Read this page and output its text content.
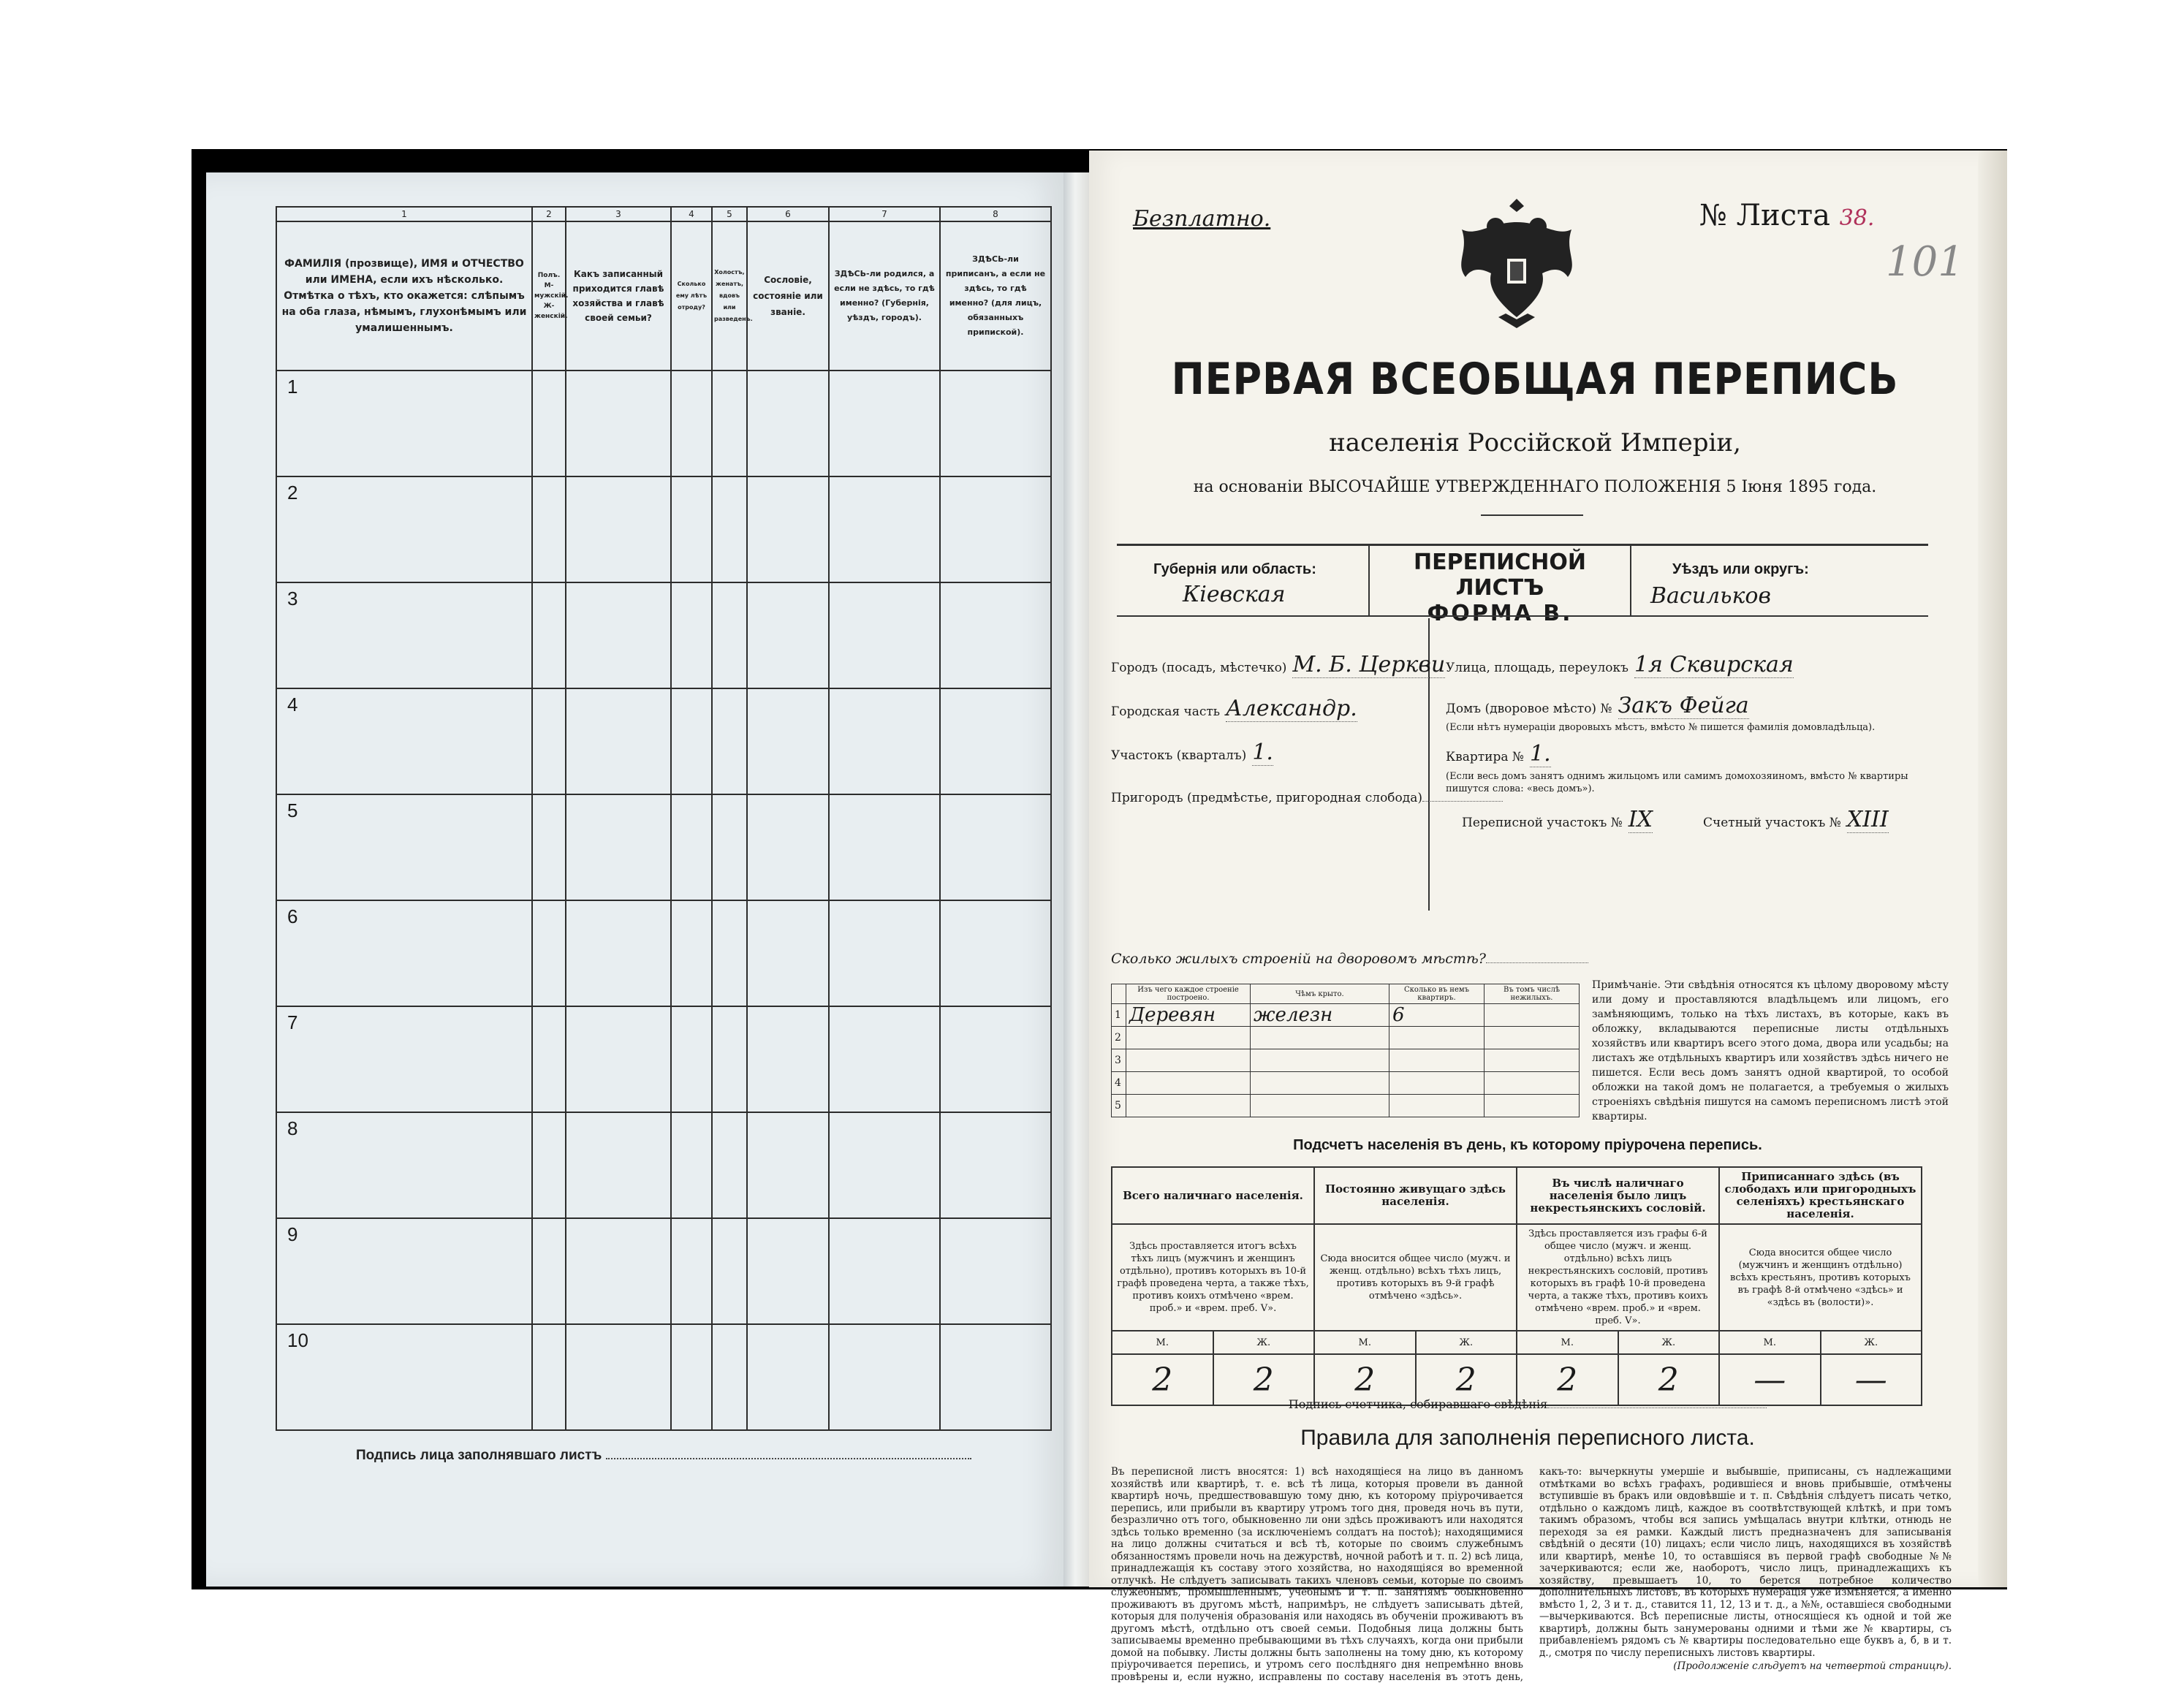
1	2	3	4	5	6	7	8
ФАМИЛІЯ (прозвище), ИМЯ и ОТЧЕСТВО или ИМЕНА, если ихъ нѣсколько. Отмѣтка о тѣхъ, кто окажется: слѣпымъ на оба глаза, нѣмымъ, глухонѣмымъ или умалишеннымъ.	Полъ. М-мужскій. Ж-женскій.	Какъ записанный приходится главѣ хозяйства и главѣ своей семьи?	Сколько ему лѣтъ отроду?	Холостъ, женатъ, вдовъ или разведенъ.	Сословіе, состояніе или званіе.	ЗДѢСЬ-ли родился, а если не здѣсь, то гдѣ именно? (Губернія, уѣздъ, городъ).	ЗДѢСЬ-ли приписанъ, а если не здѣсь, то гдѣ именно? (для лицъ, обязанныхъ припиской).
1							
2							
3							
4							
5							
6							
7							
8							
9							
10							
Подпись лица заполнявшаго листъ
Безплатно.	№ Листа 38.
101
ПЕРВАЯ ВСЕОБЩАЯ ПЕРЕПИСЬ
населенія Россійской Имперіи,
на основаніи ВЫСОЧАЙШЕ УТВЕРЖДЕННАГО ПОЛОЖЕНІЯ 5 Іюня 1895 года.
Губернія или область:
Кіевская
ПЕРЕПИСНОЙ ЛИСТЪ
ФОРМА В.
Уѣздъ или округъ:
Васильков
Городъ (посадъ, мѣстечко) М. Б. Церкви
Городская часть Александр.
Участокъ (кварталъ) 1.
Пригородъ (предмѣстье, пригородная слобода)
Улица, площадь, переулокъ 1я Сквирская
Домъ (дворовое мѣсто) № Закъ Фейга
(Если нѣтъ нумераціи дворовыхъ мѣстъ, вмѣсто № пишется фамилія домовладѣльца).
Квартира № 1.
(Если весь домъ занятъ однимъ жильцомъ или самимъ домохозяиномъ, вмѣсто № квартиры пишутся слова: «весь домъ»).
Переписной участокъ № IX	Счетный участокъ № XIII
Сколько жилыхъ строеній на дворовомъ мѣстѣ?
	Изъ чего каждое строеніе построено.	Чѣмъ крыто.	Сколько въ немъ квартиръ.	Въ томъ числѣ нежилыхъ.
1	Деревян	железн	6	
2				
3				
4				
5				
Примѣчаніе. Эти свѣдѣнія относятся къ цѣлому дворовому мѣсту или дому и проставляются владѣльцемъ или лицомъ, его замѣняющимъ, только на тѣхъ листахъ, въ которые, какъ въ обложку, вкладываются переписные листы отдѣльныхъ хозяйствъ или квартиръ всего этого дома, двора или усадьбы; на листахъ же отдѣльныхъ квартиръ или хозяйствъ здѣсь ничего не пишется. Если весь домъ занятъ одной квартирой, то особой обложки на такой домъ не полагается, а требуемыя о жилыхъ строеніяхъ свѣдѣнія пишутся на самомъ переписномъ листѣ этой квартиры.
Подсчетъ населенія въ день, къ которому пріурочена перепись.
Всего наличнаго населенія.		Постоянно живущаго здѣсь населенія.		Въ числѣ наличнаго населенія было лицъ некрестьянскихъ сословій.		Приписаннаго здѣсь (въ слободахъ или пригородныхъ селеніяхъ) крестьянскаго населенія.	
Здѣсь проставляется итогъ всѣхъ тѣхъ лицъ (мужчинъ и женщинъ отдѣльно), противъ которыхъ въ 10-й графѣ проведена черта, а также тѣхъ, противъ коихъ отмѣчено «врем. проб.» и «врем. преб. V».		Сюда вносится общее число (мужч. и женщ. отдѣльно) всѣхъ тѣхъ лицъ, противъ которыхъ въ 9-й графѣ отмѣчено «здѣсь».		Здѣсь проставляется изъ графы 6-й общее число (мужч. и женщ. отдѣльно) всѣхъ лицъ некрестьянскихъ сословій, противъ которыхъ въ графѣ 10-й проведена черта, а также тѣхъ, противъ коихъ отмѣчено «врем. проб.» и «врем. преб. V».		Сюда вносится общее число (мужчинъ и женщинъ отдѣльно) всѣхъ крестьянъ, противъ которыхъ въ графѣ 8-й отмѣчено «здѣсь» и «здѣсь въ (волости)».	
М.	Ж.	М.	Ж.	М.	Ж.	М.	Ж.
2	2	2	2	2	2	—	—
Подпись счетчика, собиравшаго свѣдѣнія
Правила для заполненія переписного листа.
Въ переписной листъ вносятся: 1) всѣ находящіеся на лицо въ данномъ хозяйствѣ или квартирѣ, т. е. всѣ тѣ лица, которыя провели въ данной квартирѣ ночь, предшествовавшую тому дню, къ которому пріурочивается перепись, или прибыли въ квартиру утромъ того дня, проведя ночь въ пути, безразлично отъ того, обыкновенно ли они здѣсь проживаютъ или находятся здѣсь только временно (за исключеніемъ солдатъ на постоѣ); находящимися на лицо должны считаться и всѣ тѣ, которые по своимъ служебнымъ обязанностямъ провели ночь на дежурствѣ, ночной работѣ и т. п. 2) всѣ лица, принадлежащія къ составу этого хозяйства, но находящіяся во временной отлучкѣ. Не слѣдуетъ записывать такихъ членовъ семьи, которые по своимъ служебнымъ, промышленнымъ, учебнымъ и т. п. занятіямъ обыкновенно проживаютъ въ другомъ мѣстѣ, напримѣръ, не слѣдуетъ записывать дѣтей, которыя для полученія образованія или находясь въ обученіи проживаютъ въ другомъ мѣстѣ, отдѣльно отъ своей семьи. Подобныя лица должны быть записываемы временно пребывающими въ тѣхъ случаяхъ, когда они прибыли домой на побывку. Листы должны быть заполнены на тому дню, къ которому пріурочивается перепись, и утромъ сего послѣдняго дня непремѣнно вновь провѣрены и, если нужно, исправлены по составу населенія въ этотъ день, какъ-то: вычеркнуты умершіе и выбывшіе, приписаны, съ надлежащими отмѣтками во всѣхъ графахъ, родившіеся и вновь прибывшіе, отмѣчены вступившіе въ бракъ или овдовѣвшіе и т. п. Свѣдѣнія слѣдуетъ писать четко, отдѣльно о каждомъ лицѣ, каждое въ соотвѣтствующей клѣткѣ, и при томъ такимъ образомъ, чтобы вся запись умѣщалась внутри клѣтки, отнюдь не переходя за ея рамки. Каждый листъ предназначенъ для записыванія свѣдѣній о десяти (10) лицахъ; если число лицъ, находящихся въ хозяйствѣ или квартирѣ, менѣе 10, то оставшіяся въ первой графѣ свободные №№ зачеркиваются; если же, наоборотъ, число лицъ, принадлежащихъ къ хозяйству, превышаетъ 10, то берется потребное количество дополнительныхъ листовъ, въ которыхъ нумерація уже измѣняется, а именно вмѣсто 1, 2, 3 и т. д., ставится 11, 12, 13 и т. д., а №№, оставшіеся свободными—вычеркиваются. Всѣ переписные листы, относящіеся къ одной и той же квартирѣ, должны быть занумерованы одними и тѣми же № квартиры, съ прибавленіемъ рядомъ съ № квартиры последовательно еще буквъ а, б, в и т. д., смотря по числу переписныхъ листовъ квартиры.
(Продолженіе слѣдуетъ на четвертой страницѣ).
